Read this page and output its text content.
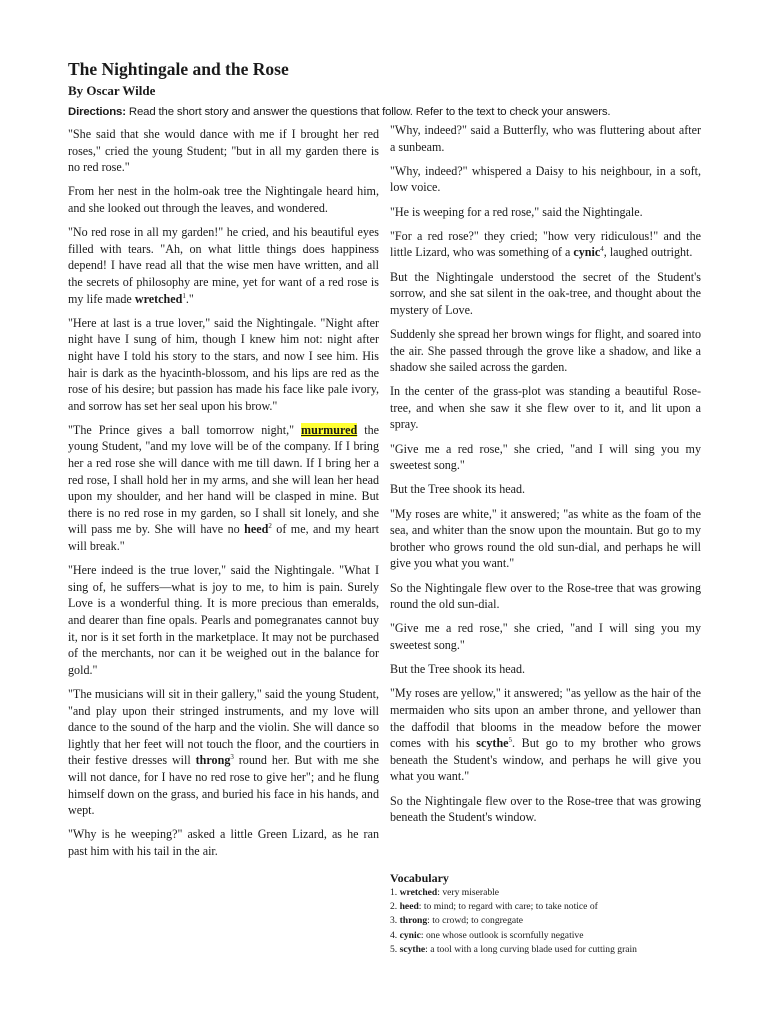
The Nightingale and the Rose
By Oscar Wilde
Directions: Read the short story and answer the questions that follow. Refer to the text to check your answers.

"She said that she would dance with me if I brought her red roses," cried the young Student; "but in all my garden there is no red rose."

From her nest in the holm-oak tree the Nightingale heard him, and she looked out through the leaves, and wondered.

"No red rose in all my garden!" he cried, and his beautiful eyes filled with tears. "Ah, on what little things does happiness depend! I have read all that the wise men have written, and all the secrets of philosophy are mine, yet for want of a red rose is my life made wretched$^1$."

"Here at last is a true lover," said the Nightingale. "Night after night have I sung of him, though I knew him not: night after night have I told his story to the stars, and now I see him. His hair is dark as the hyacinth-blossom, and his lips are red as the rose of his desire; but passion has made his face like pale ivory, and sorrow has set her seal upon his brow."

"The Prince gives a ball tomorrow night," murmured the young Student, "and my love will be of the company. If I bring her a red rose she will dance with me till dawn. If I bring her a red rose, I shall hold her in my arms, and she will lean her head upon my shoulder, and her hand will be clasped in mine. But there is no red rose in my garden, so I shall sit lonely, and she will pass me by. She will have no heed$^2$ of me, and my heart will break."

"Here indeed is the true lover," said the Nightingale. "What I sing of, he suffers—what is joy to me, to him is pain. Surely Love is a wonderful thing. It is more precious than emeralds, and dearer than fine opals. Pearls and pomegranates cannot buy it, nor is it set forth in the marketplace. It may not be purchased of the merchants, nor can it be weighed out in the balance for gold."

"The musicians will sit in their gallery," said the young Student, "and play upon their stringed instruments, and my love will dance to the sound of the harp and the violin. She will dance so lightly that her feet will not touch the floor, and the courtiers in their festive dresses will throng$^3$ round her. But with me she will not dance, for I have no red rose to give her"; and he flung himself down on the grass, and buried his face in his hands, and wept.

"Why is he weeping?" asked a little Green Lizard, as he ran past him with his tail in the air.

"Why, indeed?" said a Butterfly, who was fluttering about after a sunbeam.

"Why, indeed?" whispered a Daisy to his neighbour, in a soft, low voice.

"He is weeping for a red rose," said the Nightingale.

"For a red rose?" they cried; "how very ridiculous!" and the little Lizard, who was something of a cynic$^4$, laughed outright.

But the Nightingale understood the secret of the Student's sorrow, and she sat silent in the oak-tree, and thought about the mystery of Love.

Suddenly she spread her brown wings for flight, and soared into the air. She passed through the grove like a shadow, and like a shadow she sailed across the garden.

In the center of the grass-plot was standing a beautiful Rose-tree, and when she saw it she flew over to it, and lit upon a spray.

"Give me a red rose," she cried, "and I will sing you my sweetest song."

But the Tree shook its head.

"My roses are white," it answered; "as white as the foam of the sea, and whiter than the snow upon the mountain. But go to my brother who grows round the old sun-dial, and perhaps he will give you what you want."

So the Nightingale flew over to the Rose-tree that was growing round the old sun-dial.

"Give me a red rose," she cried, "and I will sing you my sweetest song."

But the Tree shook its head.

"My roses are yellow," it answered; "as yellow as the hair of the mermaiden who sits upon an amber throne, and yellower than the daffodil that blooms in the meadow before the mower comes with his scythe$^5$. But go to my brother who grows beneath the Student's window, and perhaps he will give you what you want."

So the Nightingale flew over to the Rose-tree that was growing beneath the Student's window.

Vocabulary
1. wretched: very miserable
2. heed: to mind; to regard with care; to take notice of
3. throng: to crowd; to congregate
4. cynic: one whose outlook is scornfully negative
5. scythe: a tool with a long curving blade used for cutting grain
